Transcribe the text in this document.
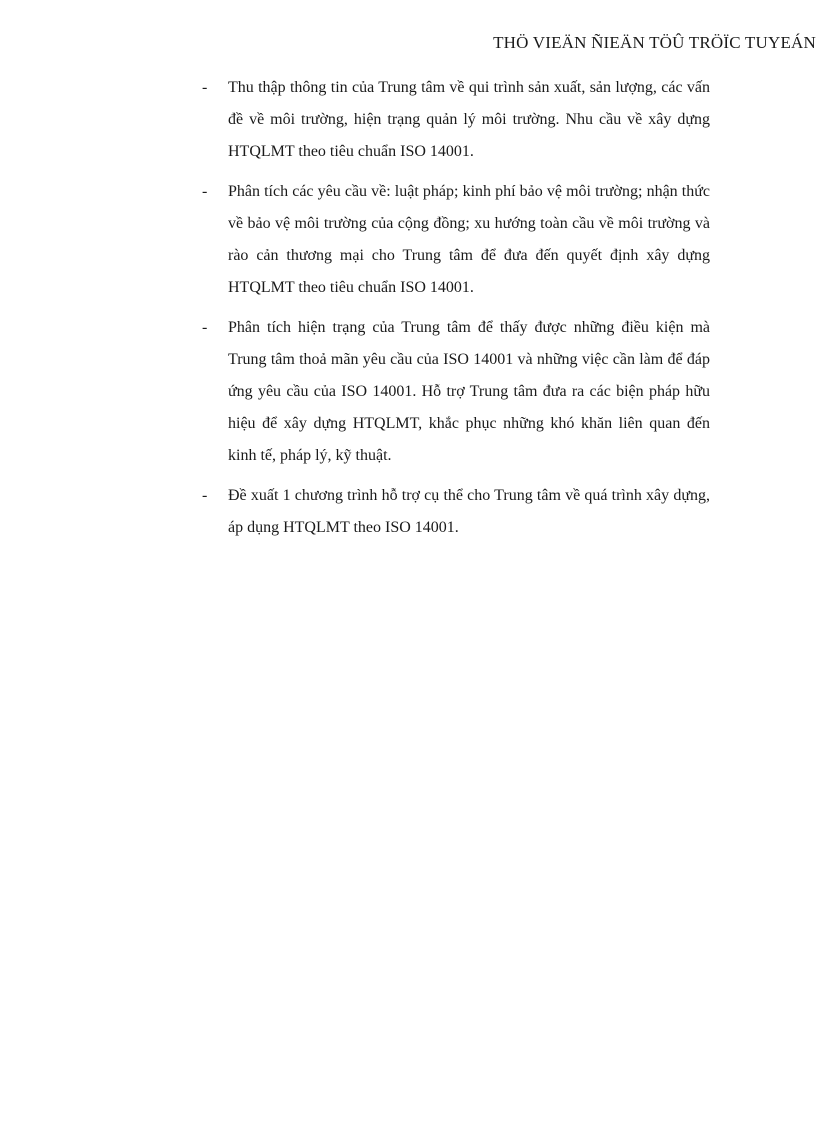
THÖ VIEÄN ÑIEÄN TÖÛ TRÖÏC TUYEÁN
-	Thu thập thông tin của Trung tâm về qui trình sản xuất, sản lượng, các vấn đề về môi trường, hiện trạng quản lý môi trường. Nhu cầu về xây dựng HTQLMT theo tiêu chuẩn ISO 14001.
-	Phân tích các yêu cầu về: luật pháp; kinh phí bảo vệ môi trường; nhận thức về bảo vệ môi trường của cộng đồng; xu hướng toàn cầu về môi trường và rào cản thương mại cho Trung tâm để đưa đến quyết định xây dựng HTQLMT theo tiêu chuẩn ISO 14001.
-	Phân tích hiện trạng của Trung tâm để thấy được những điều kiện mà Trung tâm thoả mãn yêu cầu của ISO 14001 và những việc cần làm để đáp ứng yêu cầu của ISO 14001. Hỗ trợ Trung tâm đưa ra các biện pháp hữu hiệu để xây dựng HTQLMT, khắc phục những khó khăn liên quan đến kinh tế, pháp lý, kỹ thuật.
-	Đề xuất 1 chương trình hỗ trợ cụ thể cho Trung tâm về quá trình xây dựng, áp dụng HTQLMT theo ISO 14001.
